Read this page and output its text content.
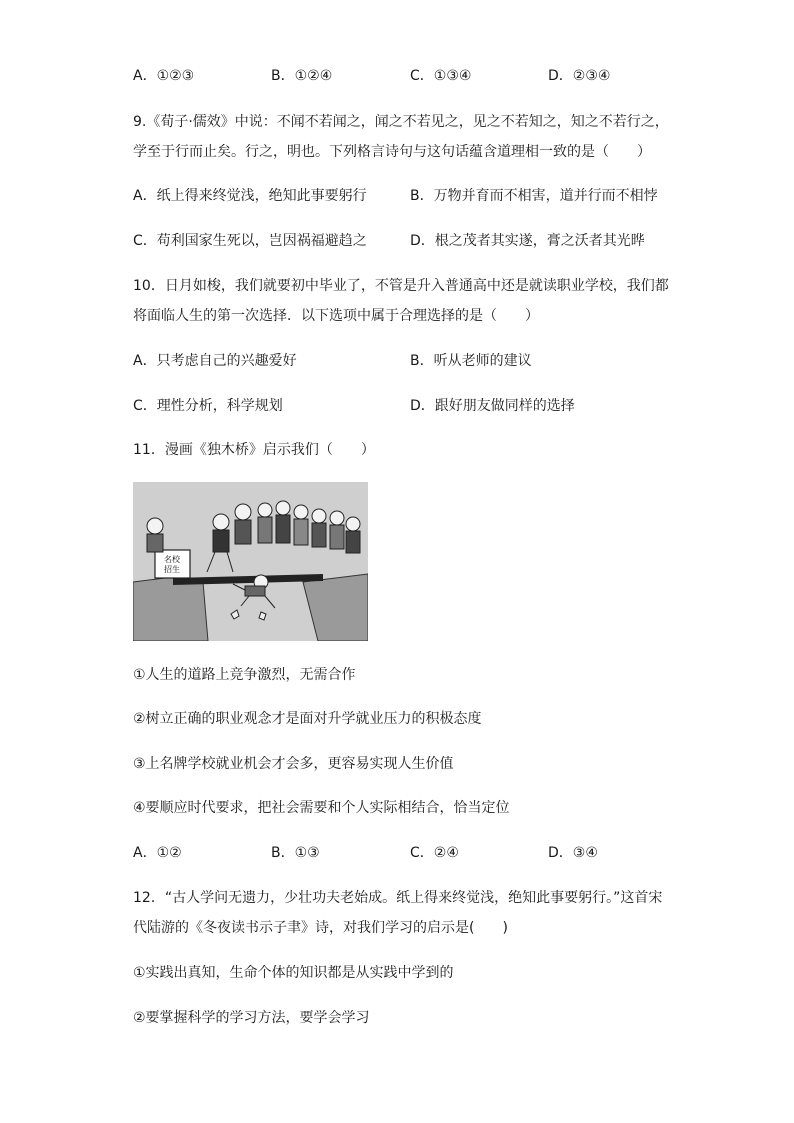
A．①②③	B．①②④	C．①③④	D．②③④
9.《荀子·儒效》中说：不闻不若闻之，闻之不若见之，见之不若知之，知之不若行之，
学至于行而止矣。行之，明也。下列格言诗句与这句话蕴含道理相一致的是（　　）
A．纸上得来终觉浅，绝知此事要躬行	B．万物并育而不相害，道并行而不相悖
C．苟利国家生死以，岂因祸福避趋之	D．根之茂者其实遂，膏之沃者其光晔
10．日月如梭，我们就要初中毕业了，不管是升入普通高中还是就读职业学校，我们都
将面临人生的第一次选择．以下选项中属于合理选择的是（　　）
A．只考虑自己的兴趣爱好	B．听从老师的建议
C．理性分析，科学规划	D．跟好朋友做同样的选择
11．漫画《独木桥》启示我们（　　）
名校招生
①人生的道路上竞争激烈，无需合作
②树立正确的职业观念才是面对升学就业压力的积极态度
③上名牌学校就业机会才会多，更容易实现人生价值
④要顺应时代要求，把社会需要和个人实际相结合，恰当定位
A．①②	B．①③	C．②④	D．③④
12．“古人学问无遗力，少壮功夫老始成。纸上得来终觉浅，绝知此事要躬行。”这首宋
代陆游的《冬夜读书示子聿》诗，对我们学习的启示是(　　)
①实践出真知，生命个体的知识都是从实践中学到的
②要掌握科学的学习方法，要学会学习
